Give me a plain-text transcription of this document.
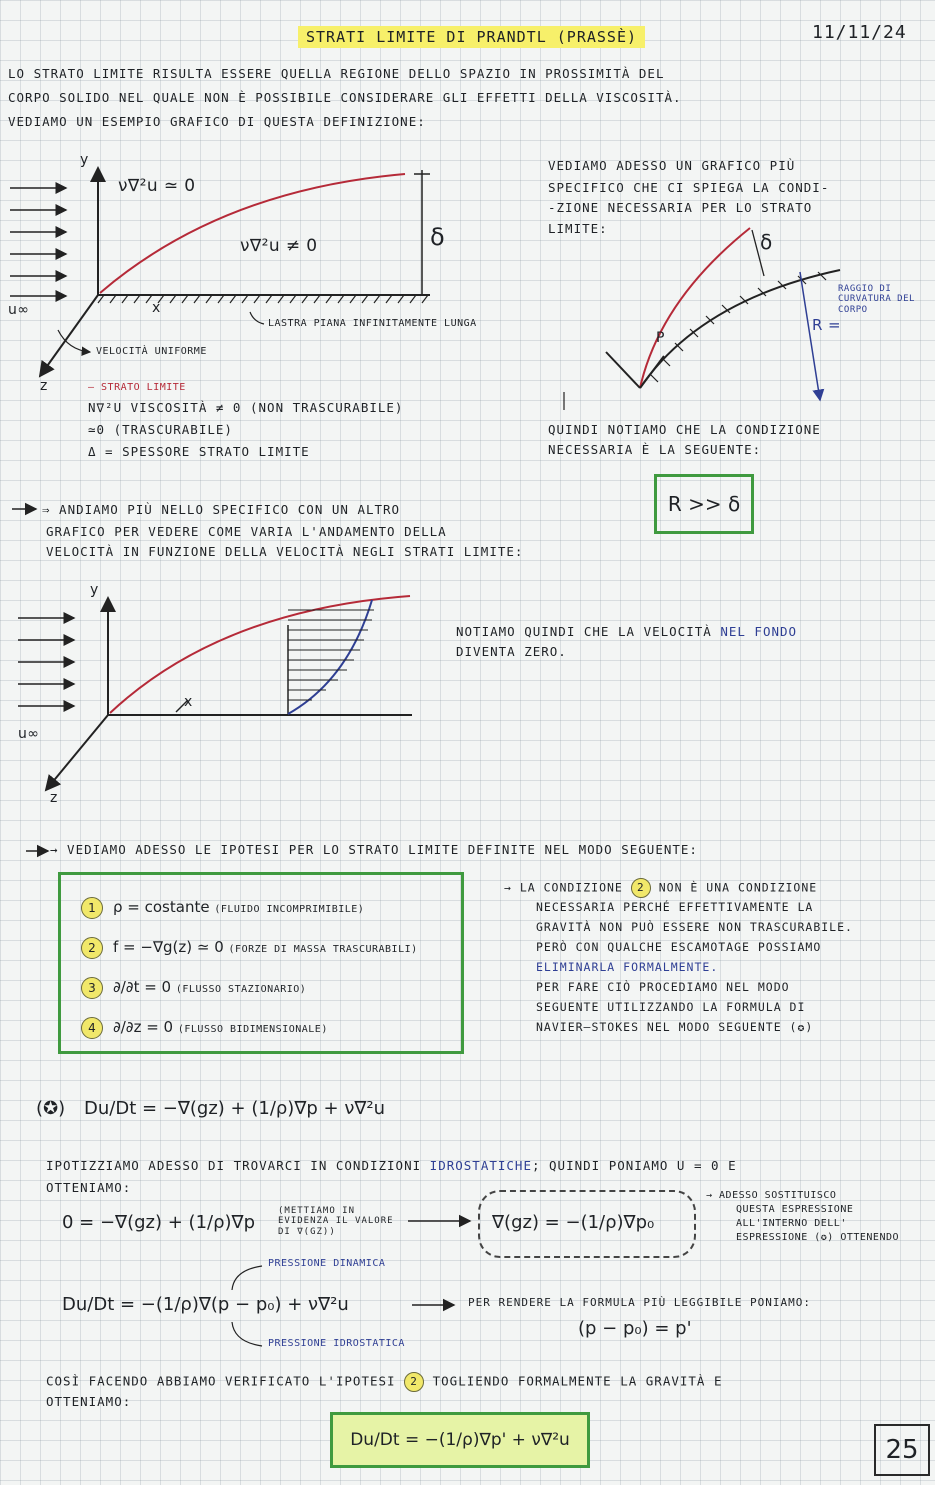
STRATI LIMITE DI PRANDTL (PRASSÈ)	11/11/24
LO STRATO LIMITE RISULTA ESSERE QUELLA REGIONE DELLO SPAZIO IN PROSSIMITÀ DEL
CORPO SOLIDO NEL QUALE NON È POSSIBILE CONSIDERARE GLI EFFETTI DELLA VISCOSITÀ.
VEDIAMO UN ESEMPIO GRAFICO DI QUESTA DEFINIZIONE:
y
x
z
u∞
ν∇²u ≃ 0
ν∇²u ≠ 0	δ
LASTRA PIANA INFINITAMENTE LUNGA
VELOCITÀ UNIFORME
– STRATO LIMITE
Ν∇²U VISCOSITÀ ≠ 0 (NON TRASCURABILE)
≃0 (TRASCURABILE)
Δ = SPESSORE STRATO LIMITE
VEDIAMO ADESSO UN GRAFICO PIÙ
SPECIFICO CHE CI SPIEGA LA CONDI-
-ZIONE NECESSARIA PER LO STRATO
LIMITE:
δ
P
R =
RAGGIO DI CURVATURA DEL CORPO
QUINDI NOTIAMO CHE LA CONDIZIONE
NECESSARIA È LA SEGUENTE:
R >> δ
⇒ ANDIAMO PIÙ NELLO SPECIFICO CON UN ALTRO
GRAFICO PER VEDERE COME VARIA L'ANDAMENTO DELLA
VELOCITÀ IN FUNZIONE DELLA VELOCITÀ NEGLI STRATI LIMITE:
y
x
z
u∞
NOTIAMO QUINDI CHE LA VELOCITÀ NEL FONDO
DIVENTA ZERO.
→ VEDIAMO ADESSO LE IPOTESI PER LO STRATO LIMITE DEFINITE NEL MODO SEGUENTE:
1 ρ = costante (FLUIDO INCOMPRIMIBILE)
2 f = −∇g(z) ≃ 0 (FORZE DI MASSA TRASCURABILI)
3 ∂/∂t = 0 (FLUSSO STAZIONARIO)
4 ∂/∂z = 0 (FLUSSO BIDIMENSIONALE)
→ LA CONDIZIONE 2 NON È UNA CONDIZIONE
NECESSARIA PERCHÉ EFFETTIVAMENTE LA
GRAVITÀ NON PUÒ ESSERE NON TRASCURABILE.
PERÒ CON QUALCHE ESCAMOTAGE POSSIAMO
ELIMINARLA FORMALMENTE.
PER FARE CIÒ PROCEDIAMO NEL MODO
SEGUENTE UTILIZZANDO LA FORMULA DI
NAVIER–STOKES NEL MODO SEGUENTE (✪)
(✪) Du/Dt = −∇(gz) + (1/ρ)∇p + ν∇²u
IPOTIZZIAMO ADESSO DI TROVARCI IN CONDIZIONI IDROSTATICHE; QUINDI PONIAMO U = 0 E
OTTENIAMO:
0 = −∇(gz) + (1/ρ)∇p
(METTIAMO IN EVIDENZA IL VALORE DI ∇(GZ))	∇(gz) = −(1/ρ)∇p₀
→ ADESSO SOSTITUISCO
QUESTA ESPRESSIONE
ALL'INTERNO DELL'
ESPRESSIONE (✪) OTTENENDO
PRESSIONE DINAMICA
Du/Dt = −(1/ρ)∇(p − p₀) + ν∇²u
PRESSIONE IDROSTATICA
PER RENDERE LA FORMULA PIÙ LEGGIBILE PONIAMO:
(p − p₀) = p'
COSÌ FACENDO ABBIAMO VERIFICATO L'IPOTESI 2 TOGLIENDO FORMALMENTE LA GRAVITÀ E
OTTENIAMO:
Du/Dt = −(1/ρ)∇p' + ν∇²u	25
